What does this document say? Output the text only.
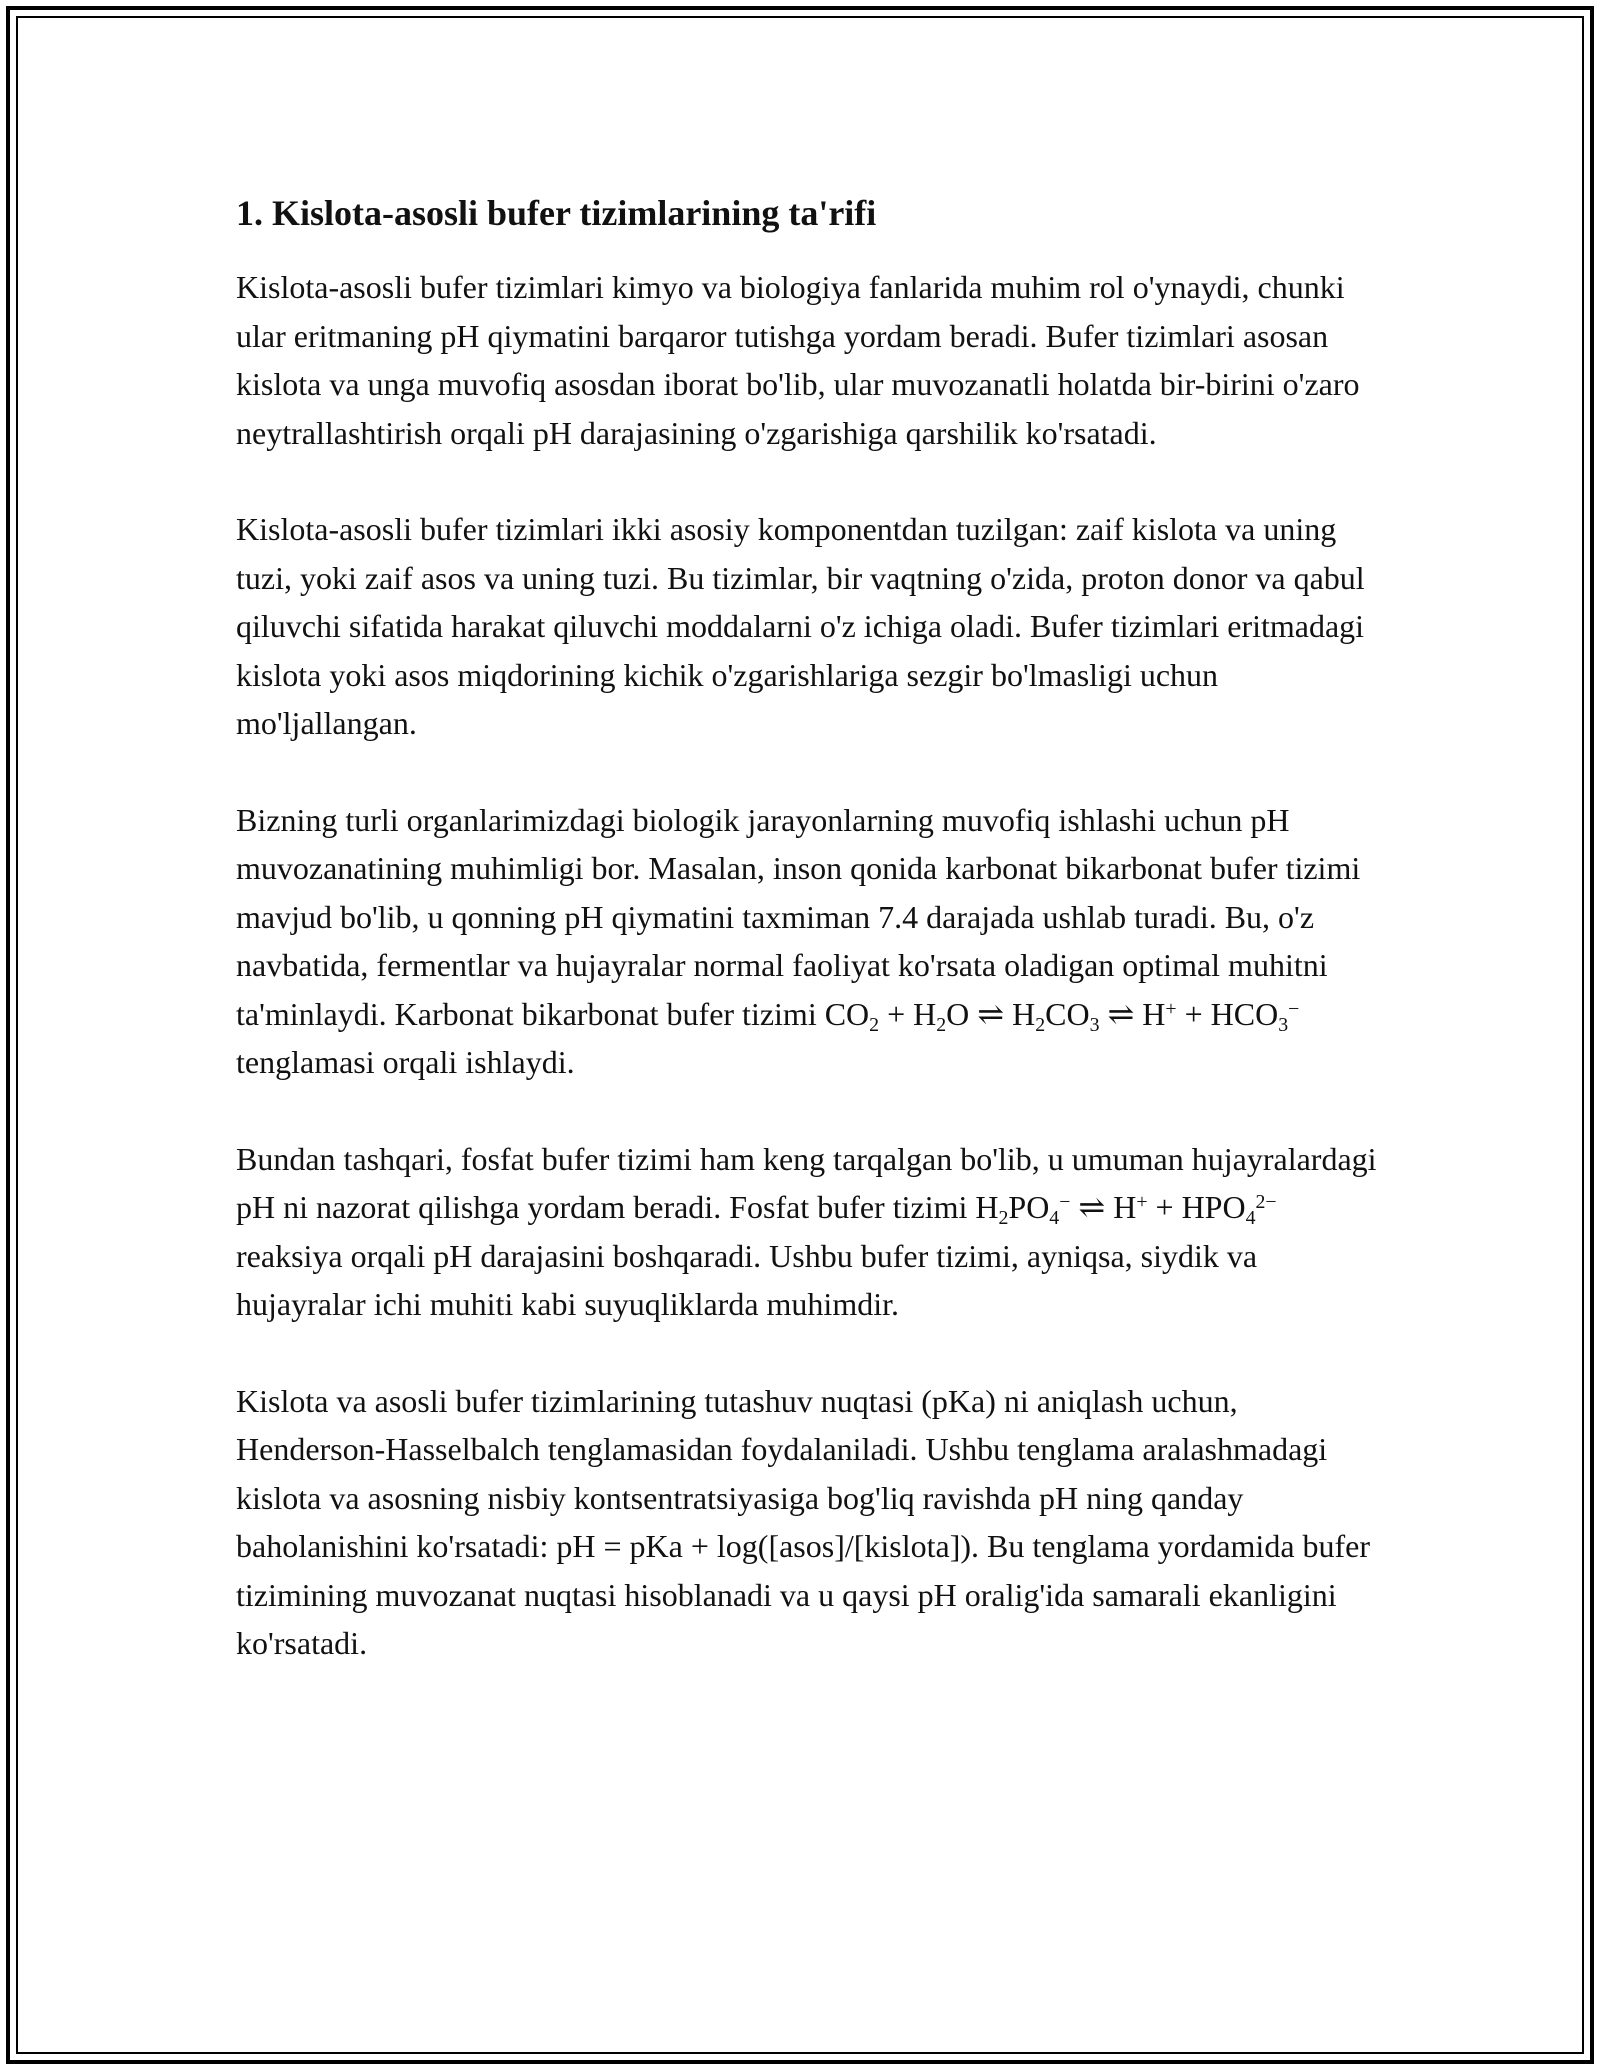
1. Kislota-asosli bufer tizimlarining ta'rifi

Kislota-asosli bufer tizimlari kimyo va biologiya fanlarida muhim rol o'ynaydi, chunki ular eritmaning pH qiymatini barqaror tutishga yordam beradi. Bufer tizimlari asosan kislota va unga muvofiq asosdan iborat bo'lib, ular muvozanatli holatda bir-birini o'zaro neytrallashtirish orqali pH darajasining o'zgarishiga qarshilik ko'rsatadi.

Kislota-asosli bufer tizimlari ikki asosiy komponentdan tuzilgan: zaif kislota va uning tuzi, yoki zaif asos va uning tuzi. Bu tizimlar, bir vaqtning o'zida, proton donor va qabul qiluvchi sifatida harakat qiluvchi moddalarni o'z ichiga oladi. Bufer tizimlari eritmadagi kislota yoki asos miqdorining kichik o'zgarishlariga sezgir bo'lmasligi uchun mo'ljallangan.

Bizning turli organlarimizdagi biologik jarayonlarning muvofiq ishlashi uchun pH muvozanatining muhimligi bor. Masalan, inson qonida karbonat bikarbonat bufer tizimi mavjud bo'lib, u qonning pH qiymatini taxmiman 7.4 darajada ushlab turadi. Bu, o'z navbatida, fermentlar va hujayralar normal faoliyat ko'rsata oladigan optimal muhitni ta'minlaydi. Karbonat bikarbonat bufer tizimi $CO_2 + H_2O$ ⇌ $H_2CO_3$ ⇌ $H^+ + HCO_3^-$ tenglamasi orqali ishlaydi.

Bundan tashqari, fosfat bufer tizimi ham keng tarqalgan bo'lib, u umuman hujayralardagi pH ni nazorat qilishga yordam beradi. Fosfat bufer tizimi $H_2PO_4^-$ ⇌ $H^+ + HPO_4^{2-}$ reaksiya orqali pH darajasini boshqaradi. Ushbu bufer tizimi, ayniqsa, siydik va hujayralar ichi muhiti kabi suyuqliklarda muhimdir.

Kislota va asosli bufer tizimlarining tutashuv nuqtasi (pKa) ni aniqlash uchun, Henderson-Hasselbalch tenglamasidan foydalaniladi. Ushbu tenglama aralashmadagi kislota va asosning nisbiy kontsentratsiyasiga bog'liq ravishda pH ning qanday baholanishini ko'rsatadi: pH = pKa + log([asos]/[kislota]). Bu tenglama yordamida bufer tizimining muvozanat nuqtasi hisoblanadi va u qaysi pH oralig'ida samarali ekanligini ko'rsatadi.
